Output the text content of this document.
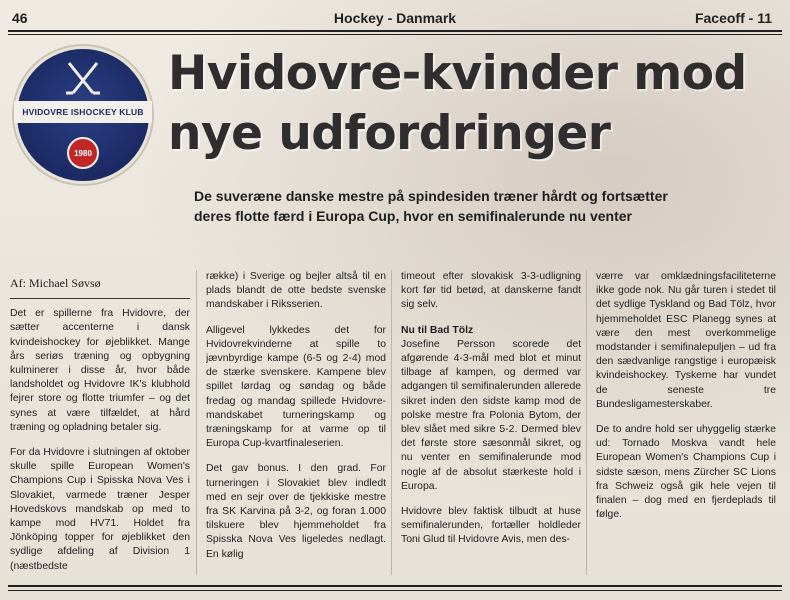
46	Hockey - Danmark	Faceoff - 11
HVIDOVRE ISHOCKEY KLUB
1980
Hvidovre-kvinder mod
nye udfordringer
De suveræne danske mestre på spindesiden træner hårdt og fortsætter deres flotte færd i Europa Cup, hvor en semifinalerunde nu venter

Af: Michael Søvsø

Det er spillerne fra Hvidovre, der sætter accenterne i dansk kvindeishockey for øjeblikket. Mange års seriøs træning og opbygning kulminerer i disse år, hvor både landsholdet og Hvidovre IK's klubhold fejrer store og flotte triumfer – og det synes at være tilfældet, at hård træning og opladning betaler sig.

For da Hvidovre i slutningen af oktober skulle spille European Women's Champions Cup i Spisska Nova Ves i Slovakiet, varmede træner Jesper Hovedskovs mandskab op med to kampe mod HV71. Holdet fra Jönköping topper for øjeblikket den sydlige afdeling af Division 1 (næstbedste

række) i Sverige og bejler altså til en plads blandt de otte bedste svenske mandskaber i Riksserien.

Alligevel lykkedes det for Hvidovrekvinderne at spille to jævnbyrdige kampe (6-5 og 2-4) mod de stærke svenskere. Kampene blev spillet lørdag og søndag og både fredag og mandag spillede Hvidovre-mandskabet turneringskamp og træningskamp for at varme op til Europa Cup-kvartfinaleserien.

Det gav bonus. I den grad. For turneringen i Slovakiet blev indledt med en sejr over de tjekkiske mestre fra SK Karvina på 3-2, og foran 1.000 tilskuere blev hjemmeholdet fra Spisska Nova Ves ligeledes nedlagt. En kølig

timeout efter slovakisk 3-3-udligning kort før tid betød, at danskerne fandt sig selv.

Nu til Bad Tölz

Josefine Persson scorede det afgørende 4-3-mål med blot et minut tilbage af kampen, og dermed var adgangen til semifinalerunden allerede sikret inden den sidste kamp mod de polske mestre fra Polonia Bytom, der blev slået med sikre 5-2. Dermed blev det første store sæsonmål sikret, og nu venter en semifinalerunde mod nogle af de absolut stærkeste hold i Europa.

Hvidovre blev faktisk tilbudt at huse semifinalerunden, fortæller holdleder Toni Glud til Hvidovre Avis, men des-

værre var omklædningsfaciliteterne ikke gode nok. Nu går turen i stedet til det sydlige Tyskland og Bad Tölz, hvor hjemmeholdet ESC Planegg synes at være den mest overkommelige modstander i semifinalepuljen – ud fra den sædvanlige rangstige i europæisk kvindeishockey. Tyskerne har vundet de seneste tre Bundesligamesterskaber.

De to andre hold ser uhyggelig stærke ud: Tornado Moskva vandt hele European Women's Champions Cup i sidste sæson, mens Zürcher SC Lions fra Schweiz også gik hele vejen til finalen – dog med en fjerdeplads til følge.
